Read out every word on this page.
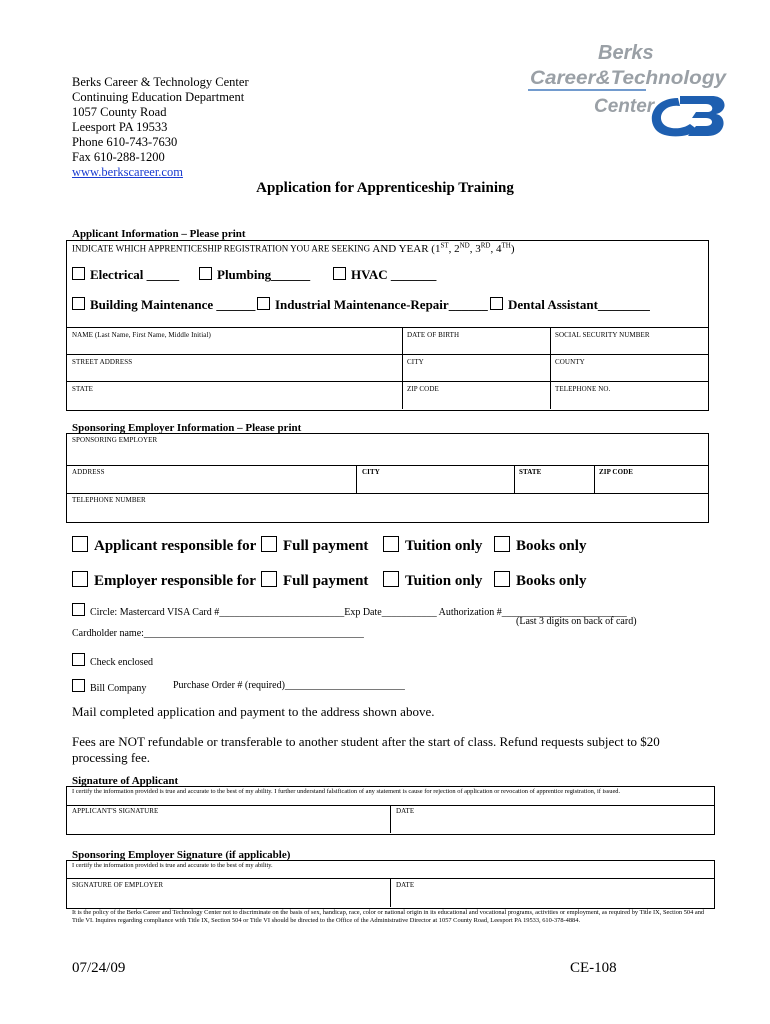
Berks Career & Technology Center
Continuing Education Department
1057 County Road
Leesport PA 19533
Phone 610-743-7630
Fax 610-288-1200
www.berkscareer.com
Berks
Career&Technology
Center
Application for Apprenticeship Training
Applicant Information – Please print
INDICATE WHICH APPRENTICESHIP REGISTRATION YOU ARE SEEKING AND YEAR (1ST, 2ND, 3RD, 4TH)
Electrical _____	Plumbing______	HVAC _______
Building Maintenance ______	Industrial Maintenance-Repair______	Dental Assistant________
NAME (Last Name, First Name, Middle Initial)	DATE OF BIRTH	SOCIAL SECURITY NUMBER
STREET ADDRESS	CITY	COUNTY
STATE	ZIP CODE	TELEPHONE NO.
Sponsoring Employer Information – Please print
SPONSORING EMPLOYER
ADDRESS	CITY	STATE	ZIP CODE
TELEPHONE NUMBER
Applicant responsible for	Full payment	Tuition only	Books only
Employer responsible for	Full payment	Tuition only	Books only
Circle: Mastercard VISA Card #_________________________Exp Date___________ Authorization #_________________________
(Last 3 digits on back of card)
Cardholder name:____________________________________________
Check enclosed
Bill Company	Purchase Order # (required)________________________
Mail completed application and payment to the address shown above.
Fees are NOT refundable or transferable to another student after the start of class. Refund requests subject to $20 processing fee.
Signature of Applicant
I certify the information provided is true and accurate to the best of my ability. I further understand falsification of any statement is cause for rejection of application or revocation of apprentice registration, if issued.
APPLICANT'S SIGNATURE	DATE
Sponsoring Employer Signature (if applicable)
I certify the information provided is true and accurate to the best of my ability.
SIGNATURE OF EMPLOYER	DATE
It is the policy of the Berks Career and Technology Center not to discriminate on the basis of sex, handicap, race, color or national origin in its educational and vocational programs, activities or employment, as required by Title IX, Section 504 and Title VI. Inquires regarding compliance with Title IX, Section 504 or Title VI should be directed to the Office of the Administrative Director at 1057 County Road, Leesport PA 19533, 610-378-4884.
07/24/09	CE-108
